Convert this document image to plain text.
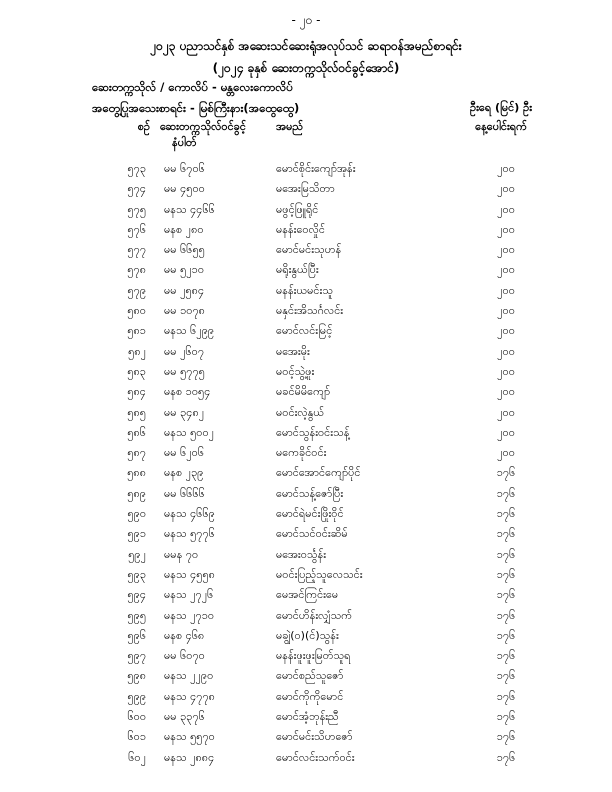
- ၂၀ -
၂၀၂၃ ပညာသင်နှစ် အဆေးသင်ဆေးရုံအလုပ်သင် ဆရာဝန်အမည်စာရင်း
(၂၀၂၄ ခုနှစ် ဆေးတက္ကသိုလ်ဝင်ခွင့်အောင်)
ဆေးတက္ကသိုလ် / ကောလိပ် - မန္တလေးကောလိပ်
အတွေ့ပြုအသေးစာရင်း - မြစ်ကြီးနား(အထွေထွေ)	ဦးရေ (မြင်) ဦး
စဉ် ဆေးတက္ကသိုလ်ဝင်ခွင့်
နံပါတ်
အမည်	နေ့ပေါင်းရက်
၅၇၃ မမ ၆၇၀၆	မောင်စိုင်းကျော်အုန်း	၂၀၀
၅၇၄ မမ ၄၅၀၀	မအေးမြသိတာ	၂၀၀
၅၇၅ မနသ ၄၄၆၆	မဖွင့်ဖြူရိုင်	၂၀၀
၅၇၆ မနစ ၂၈၀	မနန်းဝေလှိုင်	၂၀၀
၅၇၇ မမ ၆၆၅၅	မောင်မင်းသုဟန်	၂၀၀
၅၇၈ မမ ၅၂၁၀	မရိုးနွယ်ပြီး	၂၀၀
၅၇၉ မမ ၂၅၈၄	မနန်းယမင်းသူ	၂၀၀
၅၈၀ မမ ၁၀၇၈	မနှင်းအိသင်္ဂလင်း	၂၀၀
၅၈၁ မနသ ၆၂၉၉	မောင်လင်းမြင့်	၂၀၀
၅၈၂ မမ ၂၆၀၇	မအေးမိုး	၂၀၀
၅၈၃ မမ ၅၇၇၅	မဝင့်သွဲ့ဖူး	၂၀၀
၅၈၄ မနစ ၁၀၅၄	မခင်မိမိကျော်	၂၀၀
၅၈၅ မမ ၃၄၈၂	မဝင်းလဲ့နွယ်	၂၀၀
၅၈၆ မနသ ၅၀၀၂	မောင်သွန်းဝင်းသန့်	၂၀၀
၅၈၇ မမ ၆၂၀၆	မကေခိုင်ဝင်း	၂၀၀
၅၈၈ မနစ ၂၃၉	မောင်အောင်ကျော်ပိုင်	၁၇၆
၅၈၉ မမ ၆၆၆၆	မောင်သန့်ဇော်ပြီး	၁၇၆
၅၉၀ မနသ ၄၆၆၉	မောင်ရဲမင်းဖြိုးဝိုင်	၁၇၆
၅၉၁ မနသ ၅၇၇၆	မောင်သင်ဝင်းဆိမ်	၁၇၆
၅၉၂ မမန ၇၀	မအေးဝင်္သွန်း	၁၇၆
၅၉၃ မနသ ၄၅၅၈	မဝင်းပြည့်သူလေသင်း	၁၇၆
၅၉၄ မနသ ၂၇၂၆	မေအင်ကြင်းမေ	၁၇၆
၅၉၅ မနသ ၂၇၁၀	မောင်ဟိန်းလျှံသက်	၁၇၆
၅၉၆ မနစ ၄၆၈	မချွဲ(ဝ)(င်)သွန်း	၁၇၆
၅၉၇ မမ ၆၀၇၀	မနန်းဖူးဖူးမြတ်သူရ	၁၇၆
၅၉၈ မနသ ၂၂၉၀	မောင်စည်သူဇော်	၁၇၆
၅၉၉ မနသ ၄၇၇၈	မောင်ကိုကိုမောင်	၁၇၆
၆၀၀ မမ ၃၃၇၆	မောင်အံ့ဘုန်းညီ	၁၇၆
၆၀၁ မနသ ၅၅၇၀	မောင်မင်းသိဟဇော်	၁၇၆
၆၀၂ မနသ ၂၈၈၄	မောင်လင်းသက်ဝင်း	၁၇၆
